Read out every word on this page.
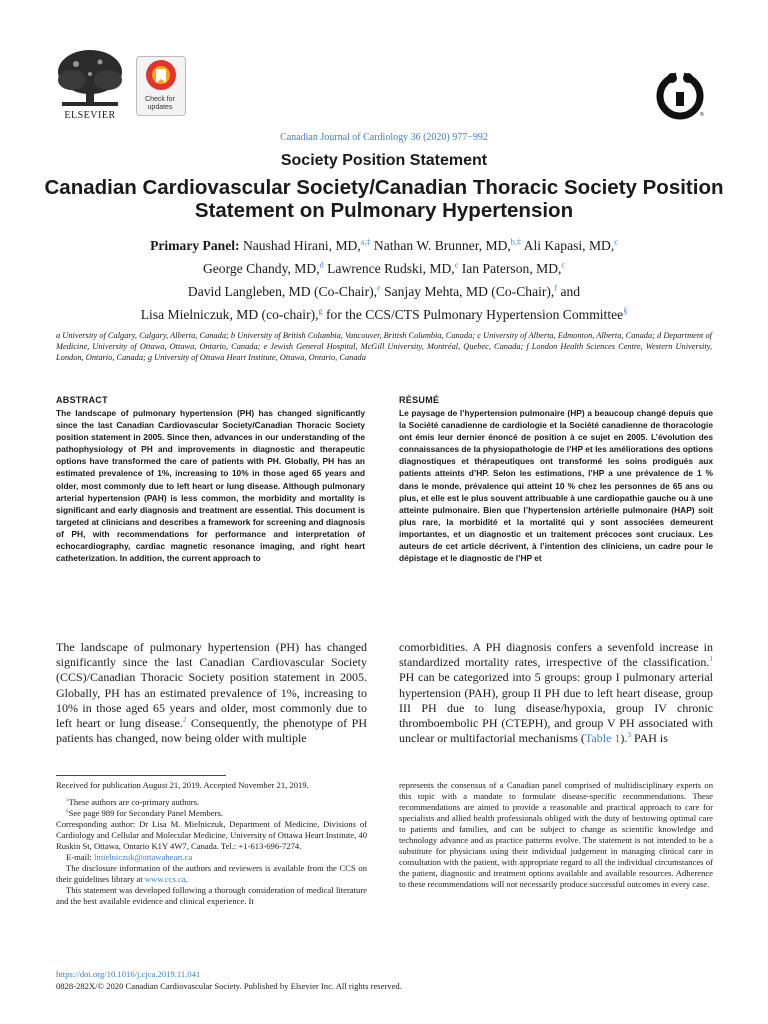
ELSEVIER
Check for updates
®
Canadian Journal of Cardiology 36 (2020) 977−992
Society Position Statement
Canadian Cardiovascular Society/Canadian Thoracic Society Position Statement on Pulmonary Hypertension
Primary Panel: Naushad Hirani, MD,$^{a,\ddagger}$ Nathan W. Brunner, MD,$^{b,\ddagger}$ Ali Kapasi, MD,$^c$
George Chandy, MD,$^d$ Lawrence Rudski, MD,$^e$ Ian Paterson, MD,$^c$
David Langleben, MD (Co-Chair),$^e$ Sanjay Mehta, MD (Co-Chair),$^f$ and
Lisa Mielniczuk, MD (co-chair),$^g$ for the CCS/CTS Pulmonary Hypertension Committee§
a University of Calgary, Calgary, Alberta, Canada; b University of British Columbia, Vancouver, British Columbia, Canada; c University of Alberta, Edmonton, Alberta, Canada; d Department of Medicine, University of Ottawa, Ottawa, Ontario, Canada; e Jewish General Hospital, McGill University, Montréal, Quebec, Canada; f London Health Sciences Centre, Western University, London, Ontario, Canada; g University of Ottawa Heart Institute, Ottawa, Ontario, Canada
ABSTRACT
The landscape of pulmonary hypertension (PH) has changed significantly since the last Canadian Cardiovascular Society/Canadian Thoracic Society position statement in 2005. Since then, advances in our understanding of the pathophysiology of PH and improvements in diagnostic and therapeutic options have transformed the care of patients with PH. Globally, PH has an estimated prevalence of 1%, increasing to 10% in those aged 65 years and older, most commonly due to left heart or lung disease. Although pulmonary arterial hypertension (PAH) is less common, the morbidity and mortality is significant and early diagnosis and treatment are essential. This document is targeted at clinicians and describes a framework for screening and diagnosis of PH, with recommendations for performance and interpretation of echocardiography, cardiac magnetic resonance imaging, and right heart catheterization. In addition, the current approach to
RÉSUMÉ
Le paysage de l’hypertension pulmonaire (HP) a beaucoup changé depuis que la Société canadienne de cardiologie et la Société canadienne de thoracologie ont émis leur dernier énoncé de position à ce sujet en 2005. L’évolution des connaissances de la physiopathologie de l’HP et les améliorations des options diagnostiques et thérapeutiques ont transformé les soins prodigués aux patients atteints d’HP. Selon les estimations, l’HP a une prévalence de 1 % dans le monde, prévalence qui atteint 10 % chez les personnes de 65 ans ou plus, et elle est le plus souvent attribuable à une cardiopathie gauche ou à une atteinte pulmonaire. Bien que l’hypertension artérielle pulmonaire (HAP) soit plus rare, la morbidité et la mortalité qui y sont associées demeurent importantes, et un diagnostic et un traitement précoces sont cruciaux. Les auteurs de cet article décrivent, à l’intention des cliniciens, un cadre pour le dépistage et le diagnostic de l’HP et
The landscape of pulmonary hypertension (PH) has changed significantly since the last Canadian Cardiovascular Society (CCS)/Canadian Thoracic Society position statement in 2005. Globally, PH has an estimated prevalence of 1%, increasing to 10% in those aged 65 years and older, most commonly due to left heart or lung disease.$^2$ Consequently, the phenotype of PH patients has changed, now being older with multiple
comorbidities. A PH diagnosis confers a sevenfold increase in standardized mortality rates, irrespective of the classification.$^1$ PH can be categorized into 5 groups: group I pulmonary arterial hypertension (PAH), group II PH due to left heart disease, group III PH due to lung disease/hypoxia, group IV chronic thromboembolic PH (CTEPH), and group V PH associated with unclear or multifactorial mechanisms (Table 1).$^3$ PAH is

Received for publication August 21, 2019. Accepted November 21, 2019.

‡These authors are co-primary authors.

§See page 989 for Secondary Panel Members.

Corresponding author: Dr Lisa M. Mielniczuk, Department of Medicine, Divisions of Cardiology and Cellular and Molecular Medicine, University of Ottawa Heart Institute, 40 Ruskin St, Ottawa, Ontario K1Y 4W7, Canada. Tel.: +1-613-696-7274.

E-mail: lmielniczuk@ottawaheart.ca

The disclosure information of the authors and reviewers is available from the CCS on their guidelines library at www.ccs.ca.

This statement was developed following a thorough consideration of medical literature and the best available evidence and clinical experience. It

represents the consensus of a Canadian panel comprised of multidisciplinary experts on this topic with a mandate to formulate disease-specific recommendations. These recommendations are aimed to provide a reasonable and practical approach to care for specialists and allied health professionals obliged with the duty of bestowing optimal care to patients and families, and can be subject to change as scientific knowledge and technology advance and as practice patterns evolve. The statement is not intended to be a substitute for physicians using their individual judgement in managing clinical care in consultation with the patient, with appropriate regard to all the individual circumstances of the patient, diagnostic and treatment options available and available resources. Adherence to these recommendations will not necessarily produce successful outcomes in every case.
https://doi.org/10.1016/j.cjca.2019.11.041
0828-282X/© 2020 Canadian Cardiovascular Society. Published by Elsevier Inc. All rights reserved.
